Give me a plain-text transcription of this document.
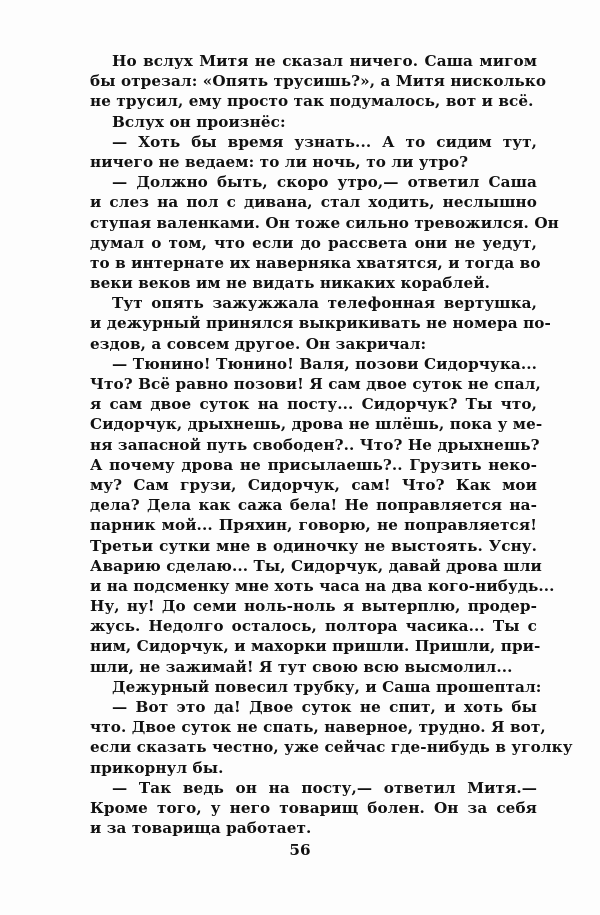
Но вслух Митя не сказал ничего. Саша мигом
бы отрезал: «Опять трусишь?», а Митя нисколько
не трусил, ему просто так подумалось, вот и всё.
Вслух он произнёс:
— Хоть бы время узнать... А то сидим тут,
ничего не ведаем: то ли ночь, то ли утро?
— Должно быть, скоро утро,— ответил Саша
и слез на пол с дивана, стал ходить, неслышно
ступая валенками. Он тоже сильно тревожился. Он
думал о том, что если до рассвета они не уедут,
то в интернате их наверняка хватятся, и тогда во
веки веков им не видать никаких кораблей.
Тут опять зажужжала телефонная вертушка,
и дежурный принялся выкрикивать не номера по-
ездов, а совсем другое. Он закричал:
— Тюнино! Тюнино! Валя, позови Сидорчука...
Что? Всё равно позови! Я сам двое суток не спал,
я сам двое суток на посту... Сидорчук? Ты что,
Сидорчук, дрыхнешь, дрова не шлёшь, пока у ме-
ня запасной путь свободен?.. Что? Не дрыхнешь?
А почему дрова не присылаешь?.. Грузить неко-
му? Сам грузи, Сидорчук, сам! Что? Как мои
дела? Дела как сажа бела! Не поправляется на-
парник мой... Пряхин, говорю, не поправляется!
Третьи сутки мне в одиночку не выстоять. Усну.
Аварию сделаю... Ты, Сидорчук, давай дрова шли
и на подсменку мне хоть часа на два кого-нибудь...
Ну, ну! До семи ноль-ноль я вытерплю, продер-
жусь. Недолго осталось, полтора часика... Ты с
ним, Сидорчук, и махорки пришли. Пришли, при-
шли, не зажимай! Я тут свою всю высмолил...
Дежурный повесил трубку, и Саша прошептал:
— Вот это да! Двое суток не спит, и хоть бы
что. Двое суток не спать, наверное, трудно. Я вот,
если сказать честно, уже сейчас где-нибудь в уголку
прикорнул бы.
— Так ведь он на посту,— ответил Митя.—
Кроме того, у него товарищ болен. Он за себя
и за товарища работает.
56
